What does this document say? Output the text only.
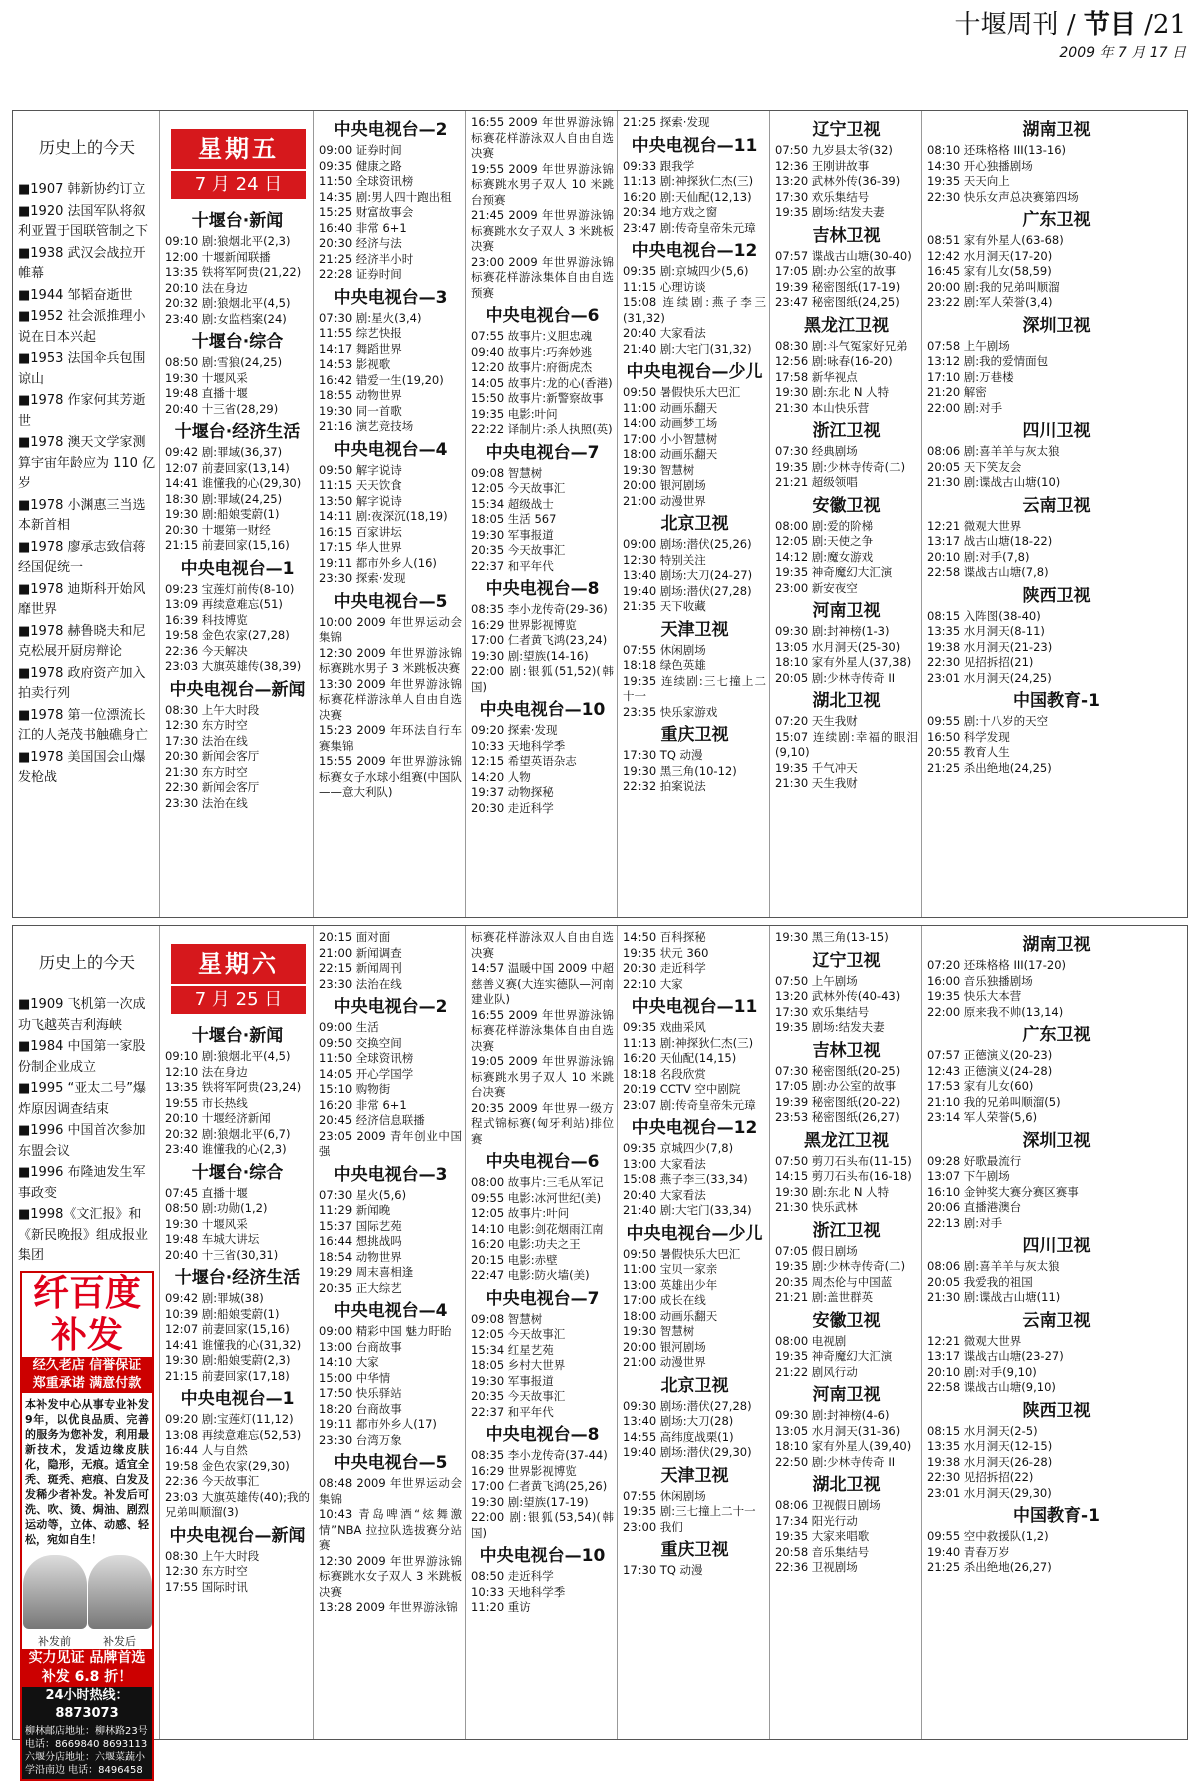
十堰周刊 / 节目 /21
2009 年 7 月 17 日
历史上的今天
■1907 韩新协约订立
■1920 法国军队将叙利亚置于国联管制之下
■1938 武汉会战拉开帷幕
■1944 邹韬奋逝世
■1952 社会派推理小说在日本兴起
■1953 法国伞兵包围谅山
■1978 作家何其芳逝世
■1978 澳天文学家测算宇宙年龄应为 110 亿岁
■1978 小渊惠三当选本新首相
■1978 廖承志致信蒋经国促统一
■1978 迪斯科开始风靡世界
■1978 赫鲁晓夫和尼克松展开厨房辩论
■1978 政府资产加入拍卖行列
■1978 第一位漂流长江的人尧茂书触礁身亡
■1978 美国国会山爆发枪战
星期五
7 月 24 日
十堰台·新闻
09:10 剧:狼烟北平(2,3)
12:00 十堰新闻联播
13:35 铁将军阿贵(21,22)
20:10 法在身边
20:32 剧:狼烟北平(4,5)
23:40 剧:女监档案(24)
十堰台·综合
08:50 剧:雪狼(24,25)
19:30 十堰风采
19:48 直播十堰
20:40 十三省(28,29)
十堰台·经济生活
09:42 剧:罪域(36,37)
12:07 前妻回家(13,14)
14:41 谁懂我的心(29,30)
18:30 剧:罪域(24,25)
19:30 剧:船娘雯蔚(1)
20:30 十堰第一财经
21:15 前妻回家(15,16)
中央电视台—1
09:23 宝莲灯前传(8-10)
13:09 再续意难忘(51)
16:39 科技博览
19:58 金色农家(27,28)
22:36 今天解决
23:03 大旗英雄传(38,39)
中央电视台—新闻
08:30 上午大时段
12:30 东方时空
17:30 法治在线
20:30 新闻会客厅
21:30 东方时空
22:30 新闻会客厅
23:30 法治在线
中央电视台—2
09:00 证券时间
09:35 健康之路
11:50 全球资讯榜
14:35 剧:男人四十跑出租
15:25 财富故事会
16:40 非常 6+1
20:30 经济与法
21:25 经济半小时
22:28 证券时间
中央电视台—3
07:30 剧:星火(3,4)
11:55 综艺快报
14:17 舞蹈世界
14:53 影视歌
16:42 错爱一生(19,20)
18:55 动物世界
19:30 同一首歌
21:16 演艺竞技场
中央电视台—4
09:50 解字说诗
11:15 天天饮食
13:50 解字说诗
14:11 剧:夜深沉(18,19)
16:15 百家讲坛
17:15 华人世界
19:11 都市外乡人(16)
23:30 探索·发现
中央电视台—5
10:00 2009 年世界运动会集锦
12:30 2009 年世界游泳锦标赛跳水男子 3 米跳板决赛
13:30 2009 年世界游泳锦标赛花样游泳单人自由自选决赛
15:23 2009 年环法自行车赛集锦
15:55 2009 年世界游泳锦标赛女子水球小组赛(中国队——意大利队)
16:55 2009 年世界游泳锦标赛花样游泳双人自由自选决赛
19:55 2009 年世界游泳锦标赛跳水男子双人 10 米跳台预赛
21:45 2009 年世界游泳锦标赛跳水女子双人 3 米跳板决赛
23:00 2009 年世界游泳锦标赛花样游泳集体自由自选预赛
中央电视台—6
07:55 故事片:义胆忠魂
09:40 故事片:巧奔妙逃
12:20 故事片:府衙虎杰
14:05 故事片:龙的心(香港)
15:50 故事片:新警察故事
19:35 电影:叶问
22:22 译制片:杀人执照(英)
中央电视台—7
09:08 智慧树
12:05 今天故事汇
15:34 超级战士
18:05 生活 567
19:30 军事报道
20:35 今天故事汇
22:37 和平年代
中央电视台—8
08:35 李小龙传奇(29-36)
16:29 世界影视博览
17:00 仁者黄飞鸿(23,24)
19:30 剧:望族(14-16)
22:00 剧:银狐(51,52)(韩国)
中央电视台—10
09:20 探索·发现
10:33 天地科学季
12:15 希望英语杂志
14:20 人物
19:37 动物探秘
20:30 走近科学
21:25 探索·发现
中央电视台—11
09:33 跟我学
11:13 剧:神探狄仁杰(三)
16:20 剧:天仙配(12,13)
20:34 地方戏之窗
23:47 剧:传奇皇帝朱元璋
中央电视台—12
09:35 剧:京城四少(5,6)
11:15 心理访谈
15:08 连续剧:燕子李三(31,32)
20:40 大家看法
21:40 剧:大宅门(31,32)
中央电视台—少儿
09:50 暑假快乐大巴汇
11:00 动画乐翻天
14:00 动画梦工场
17:00 小小智慧树
18:00 动画乐翻天
19:30 智慧树
20:00 银河剧场
21:00 动漫世界
北京卫视
09:00 剧场:潜伏(25,26)
12:30 特别关注
13:40 剧场:大刀(24-27)
19:40 剧场:潜伏(27,28)
21:35 天下收藏
天津卫视
07:55 休闲剧场
18:18 绿色英雄
19:35 连续剧:三七撞上二十一
23:35 快乐家游戏
重庆卫视
17:30 TQ 动漫
19:30 黑三角(10-12)
22:32 拍案说法
辽宁卫视
07:50 九岁县太爷(32)
12:36 王刚讲故事
13:20 武林外传(36-39)
17:30 欢乐集结号
19:35 剧场:结发夫妻
吉林卫视
07:57 谍战古山塘(30-40)
17:05 剧:办公室的故事
19:39 秘密图纸(17-19)
23:47 秘密图纸(24,25)
黑龙江卫视
08:30 剧:斗气冤家好兄弟
12:56 剧:咏春(16-20)
17:58 新华视点
19:30 剧:东北 N 人特
21:30 本山快乐营
浙江卫视
07:30 经典剧场
19:35 剧:少林寺传奇(二)
21:21 超级领唱
安徽卫视
08:00 剧:爱的阶梯
12:05 剧:天使之争
14:12 剧:魔女游戏
19:35 神奇魔幻大汇演
23:00 新安夜空
河南卫视
09:30 剧:封神榜(1-3)
13:05 水月洞天(25-30)
18:10 家有外星人(37,38)
20:05 剧:少林寺传奇 II
湖北卫视
07:20 天生我财
15:07 连续剧:幸福的眼泪(9,10)
19:35 千气冲天
21:30 天生我财
湖南卫视
08:10 还珠格格 III(13-16)
14:30 开心独播剧场
19:35 天天向上
22:30 快乐女声总决赛第四场
广东卫视
08:51 家有外星人(63-68)
12:42 水月洞天(17-20)
16:45 家有儿女(58,59)
20:00 剧:我的兄弟叫顺溜
23:22 剧:军人荣誉(3,4)
深圳卫视
07:58 上午剧场
13:12 剧:我的爱情面包
17:10 剧:万巷楼
21:20 解密
22:00 剧:对手
四川卫视
08:06 剧:喜羊羊与灰太狼
20:05 天下笑友会
21:30 剧:谍战古山塘(10)
云南卫视
12:21 微观大世界
13:17 战古山塘(18-22)
20:10 剧:对手(7,8)
22:58 谍战古山塘(7,8)
陕西卫视
08:15 入阵图(38-40)
13:35 水月洞天(8-11)
19:38 水月洞天(21-23)
22:30 见招拆招(21)
23:01 水月洞天(24,25)
中国教育-1
09:55 剧:十八岁的天空
16:50 科学发现
20:55 教育人生
21:25 杀出绝地(24,25)
历史上的今天
■1909 飞机第一次成功飞越英吉利海峡
■1984 中国第一家股份制企业成立
■1995 “亚太二号”爆炸原因调查结束
■1996 中国首次参加东盟会议
■1996 布隆迪发生军事政变
■1998《文汇报》和《新民晚报》组成报业集团
纤百度
补发
经久老店 信誉保证
郑重承诺 满意付款
本补发中心从事专业补发9年，以优良品质、完善的服务为您补发，利用最新技术，发适边缘皮肤化，隐形，无痕。适宜全秃、斑秃、疤痕、白发及发稀少者补发。补发后可洗、吹、烫、焗油、剧烈运动等，立体、动感、轻松，宛如自生！
补发前	补发后
实力见证 品牌首选
补发 6.8 折！
24小时热线：8873073
柳林邮店地址：柳林路23号 电话：8669840 8693113 六堰分店地址：六堰菜蔬小学沿南边 电话：8496458
星期六
7 月 25 日
十堰台·新闻
09:10 剧:狼烟北平(4,5)
12:10 法在身边
13:35 铁将军阿贵(23,24)
19:55 市长热线
20:10 十堰经济新闻
20:32 剧:狼烟北平(6,7)
23:40 谁懂我的心(2,3)
十堰台·综合
07:45 直播十堰
08:50 剧:功勋(1,2)
19:30 十堰风采
19:48 车城大讲坛
20:40 十三省(30,31)
十堰台·经济生活
09:42 剧:罪城(38)
10:39 剧:船娘雯蔚(1)
12:07 前妻回家(15,16)
14:41 谁懂我的心(31,32)
19:30 剧:船娘雯蔚(2,3)
21:15 前妻回家(17,18)
中央电视台—1
09:20 剧:宝莲灯(11,12)
13:08 再续意难忘(52,53)
16:44 人与自然
19:58 金色农家(29,30)
22:36 今天故事汇
23:03 大旗英雄传(40);我的兄弟叫顺溜(3)
中央电视台—新闻
08:30 上午大时段
12:30 东方时空
17:55 国际时讯
20:15 面对面
21:00 新闻调查
22:15 新闻周刊
23:30 法治在线
中央电视台—2
09:00 生活
09:50 交换空间
11:50 全球资讯榜
14:05 开心学国学
15:10 购物街
16:20 非常 6+1
20:45 经济信息联播
23:05 2009 青年创业中国强
中央电视台—3
07:30 星火(5,6)
11:29 新闻晚
15:37 国际艺苑
16:44 想挑战吗
18:54 动物世界
19:29 周末喜相逢
20:35 正大综艺
中央电视台—4
09:00 精彩中国 魅力盱眙
13:00 台商故事
14:10 大家
15:00 中华情
17:50 快乐驿站
18:20 台商故事
19:11 都市外乡人(17)
23:30 台湾万象
中央电视台—5
08:48 2009 年世界运动会集锦
10:43 青岛啤酒“炫舞激情”NBA 拉拉队选拔赛分站赛
12:30 2009 年世界游泳锦标赛跳水女子双人 3 米跳板决赛
13:28 2009 年世界游泳锦
标赛花样游泳双人自由自选决赛
14:57 温暖中国 2009 中超慈善义赛(大连实德队—河南建业队)
16:55 2009 年世界游泳锦标赛花样游泳集体自由自选决赛
19:05 2009 年世界游泳锦标赛跳水男子双人 10 米跳台决赛
20:35 2009 年世界一级方程式锦标赛(匈牙利站)排位赛
中央电视台—6
08:00 故事片:三毛从军记
09:55 电影:冰河世纪(美)
12:05 故事片:叶问
14:10 电影:剑花烟雨江南
16:20 电影:功夫之王
20:15 电影:赤壁
22:47 电影:防火墙(美)
中央电视台—7
09:08 智慧树
12:05 今天故事汇
15:34 红星艺苑
18:05 乡村大世界
19:30 军事报道
20:35 今天故事汇
22:37 和平年代
中央电视台—8
08:35 李小龙传奇(37-44)
16:29 世界影视博览
17:00 仁者黄飞鸿(25,26)
19:30 剧:望族(17-19)
22:00 剧:银狐(53,54)(韩国)
中央电视台—10
08:50 走近科学
10:33 天地科学季
11:20 重访
14:50 百科探秘
19:35 状元 360
20:30 走近科学
22:10 大家
中央电视台—11
09:35 戏曲采风
11:13 剧:神探狄仁杰(三)
16:20 天仙配(14,15)
18:18 名段欣赏
20:19 CCTV 空中剧院
23:07 剧:传奇皇帝朱元璋
中央电视台—12
09:35 京城四少(7,8)
13:00 大家看法
15:08 燕子李三(33,34)
20:40 大家看法
21:40 剧:大宅门(33,34)
中央电视台—少儿
09:50 暑假快乐大巴汇
11:00 宝贝一家亲
13:00 英雄出少年
17:00 成长在线
18:00 动画乐翻天
19:30 智慧树
20:00 银河剧场
21:00 动漫世界
北京卫视
09:30 剧场:潜伏(27,28)
13:40 剧场:大刀(28)
14:55 高纬度战栗(1)
19:40 剧场:潜伏(29,30)
天津卫视
07:55 休闲剧场
19:35 剧:三七撞上二十一
23:00 我们
重庆卫视
17:30 TQ 动漫
19:30 黑三角(13-15)
辽宁卫视
07:50 上午剧场
13:20 武林外传(40-43)
17:30 欢乐集结号
19:35 剧场:结发夫妻
吉林卫视
07:30 秘密图纸(20-25)
17:05 剧:办公室的故事
19:39 秘密图纸(20-22)
23:53 秘密图纸(26,27)
黑龙江卫视
07:50 剪刀石头布(11-15)
14:15 剪刀石头布(16-18)
19:30 剧:东北 N 人特
21:30 快乐武林
浙江卫视
07:05 假日剧场
19:35 剧:少林寺传奇(二)
20:35 周杰伦与中国蓝
21:21 剧:盖世群英
安徽卫视
08:00 电视剧
19:35 神奇魔幻大汇演
21:22 剧风行动
河南卫视
09:30 剧:封神榜(4-6)
13:05 水月洞天(31-36)
18:10 家有外星人(39,40)
22:50 剧:少林寺传奇 II
湖北卫视
08:06 卫视假日剧场
17:34 阳光行动
19:35 大家来唱歌
20:58 音乐集结号
22:36 卫视剧场
湖南卫视
07:20 还珠格格 III(17-20)
16:00 音乐独播剧场
19:35 快乐大本营
22:00 原来我不帅(13,14)
广东卫视
07:57 正德演义(20-23)
12:43 正德演义(24-28)
17:53 家有儿女(60)
21:10 我的兄弟叫顺溜(5)
23:14 军人荣誉(5,6)
深圳卫视
09:28 好歌最流行
13:07 下午剧场
16:10 金钟奖大赛分赛区赛事
20:06 直播港澳台
22:13 剧:对手
四川卫视
08:06 剧:喜羊羊与灰太狼
20:05 我爱我的祖国
21:30 剧:谍战古山塘(11)
云南卫视
12:21 微观大世界
13:17 谍战古山塘(23-27)
20:10 剧:对手(9,10)
22:58 谍战古山塘(9,10)
陕西卫视
08:15 水月洞天(2-5)
13:35 水月洞天(12-15)
19:38 水月洞天(26-28)
22:30 见招拆招(22)
23:01 水月洞天(29,30)
中国教育-1
09:55 空中救援队(1,2)
19:40 青春万岁
21:25 杀出绝地(26,27)
